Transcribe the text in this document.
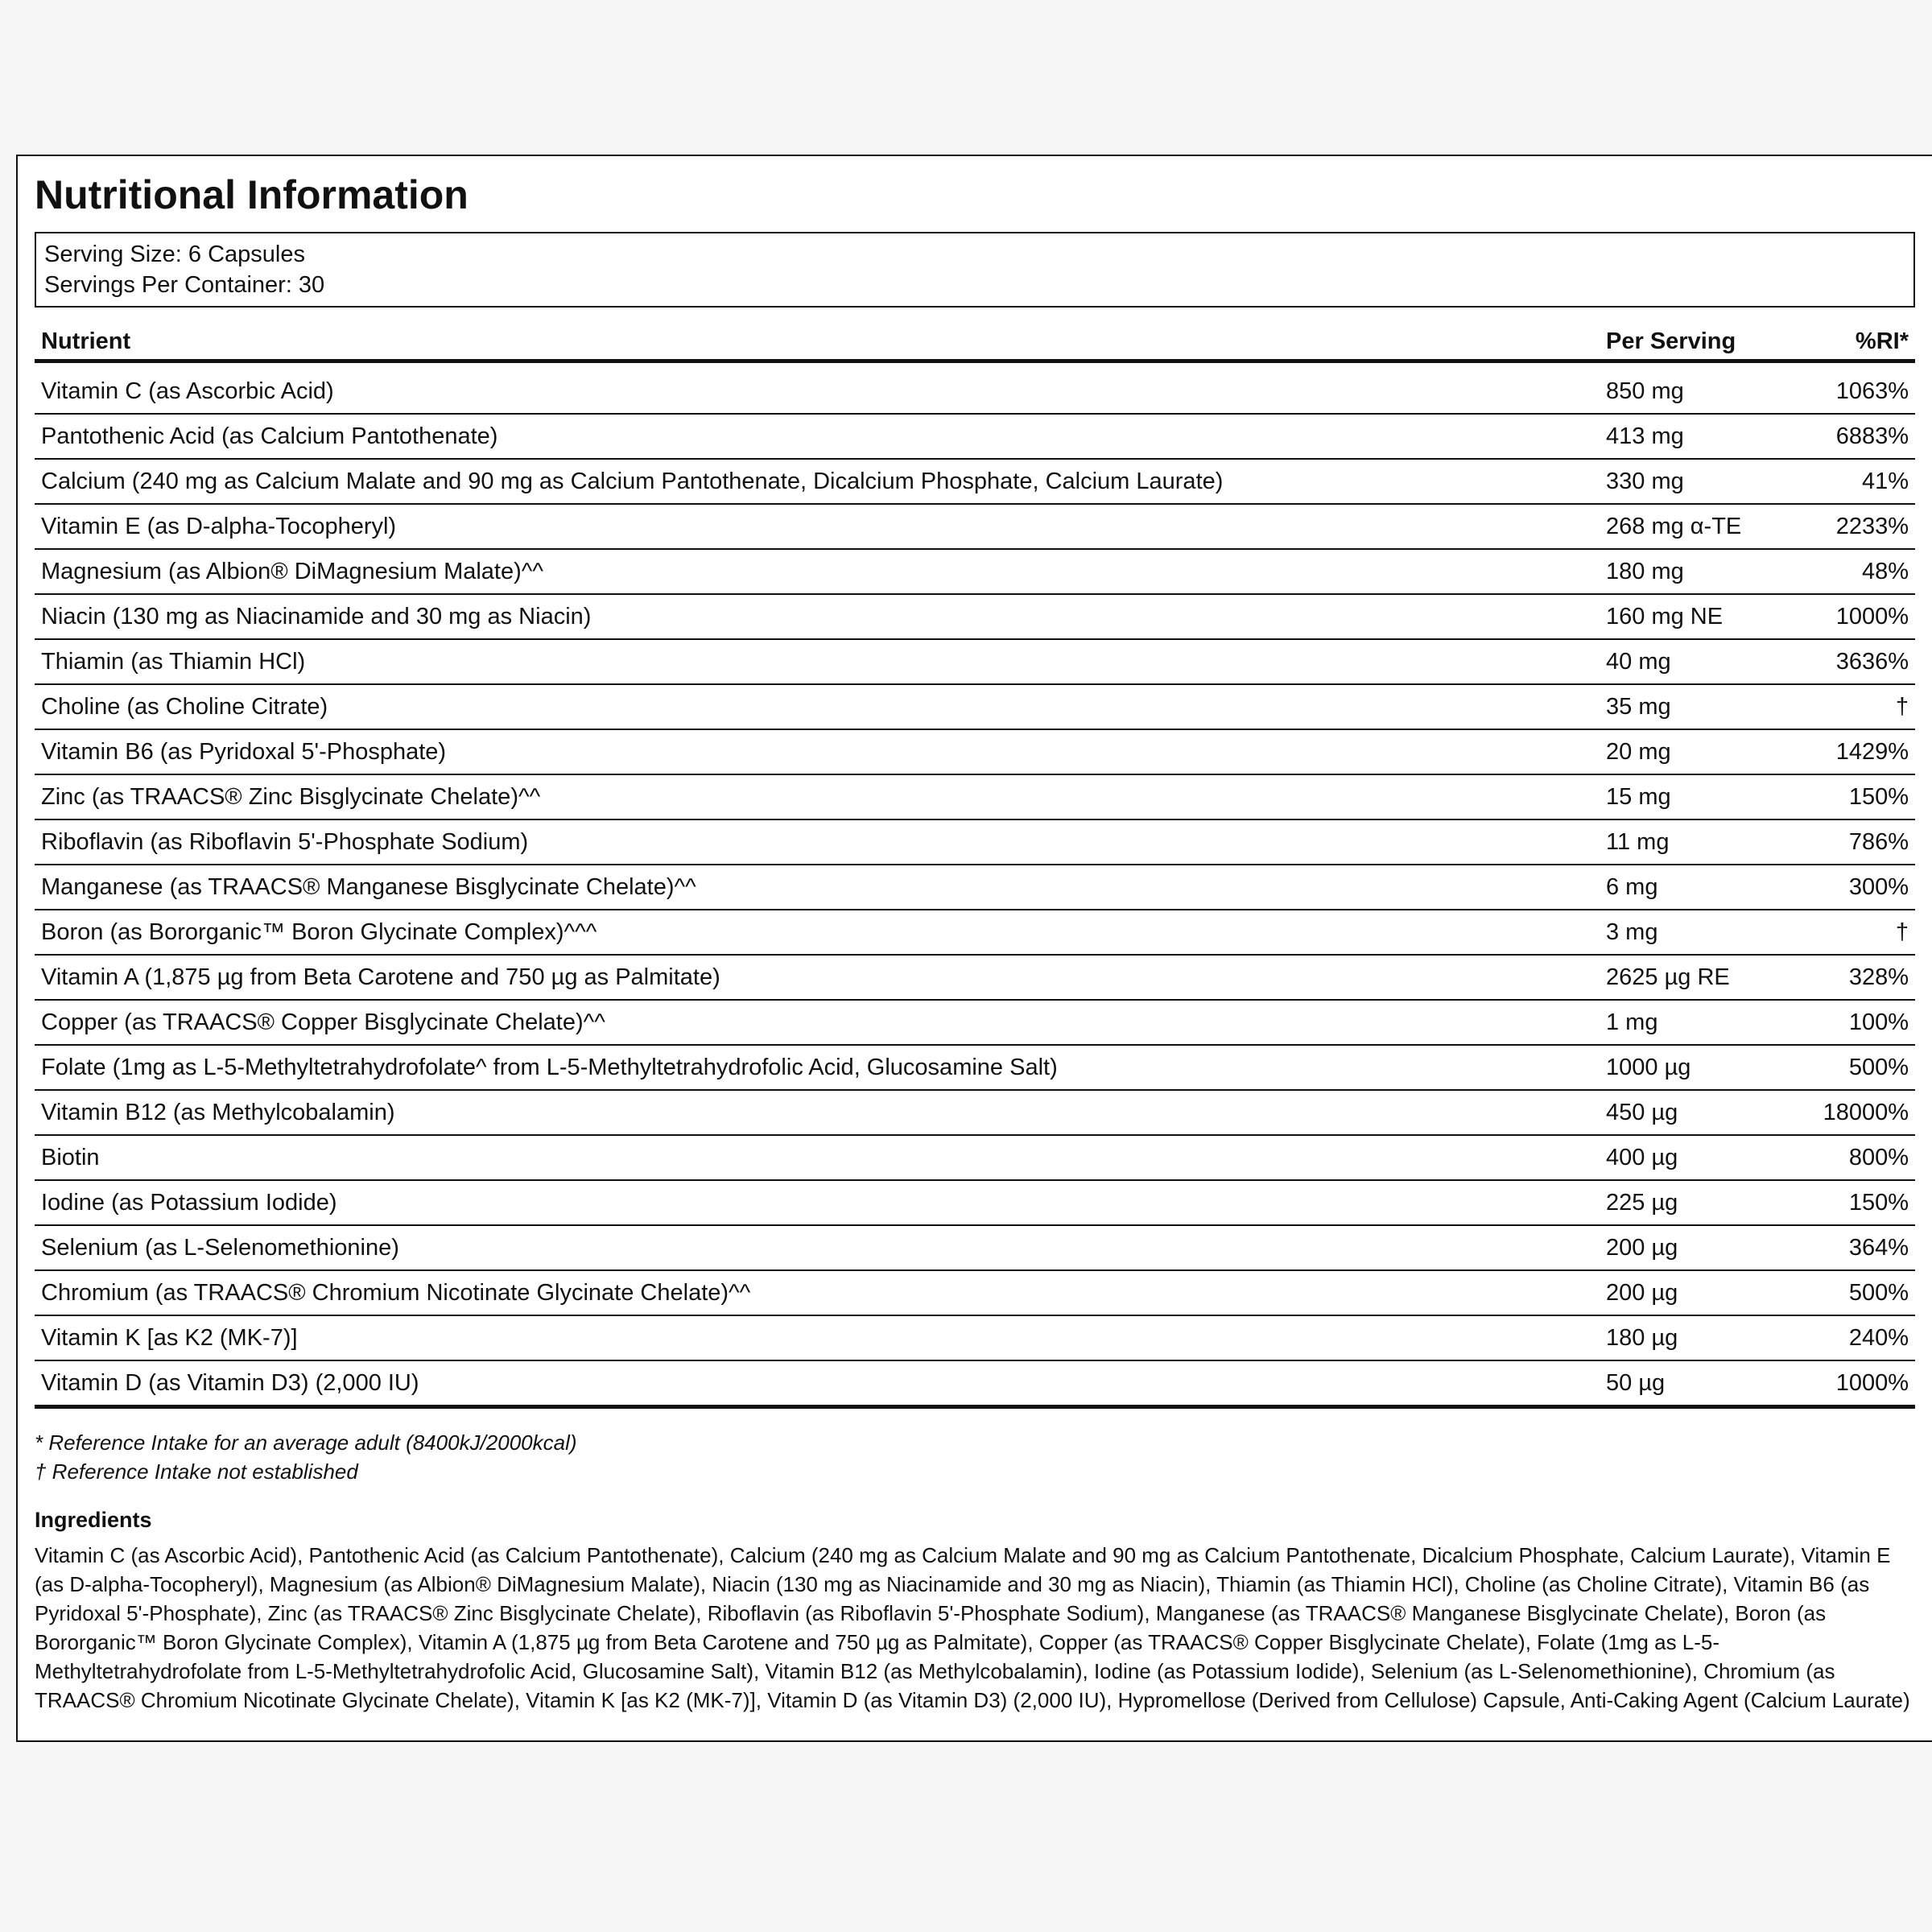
Nutritional Information
Serving Size: 6 Capsules
Servings Per Container: 30
Nutrient	Per Serving	%RI*
Vitamin C (as Ascorbic Acid)	850 mg	1063%
Pantothenic Acid (as Calcium Pantothenate)	413 mg	6883%
Calcium (240 mg as Calcium Malate and 90 mg as Calcium Pantothenate, Dicalcium Phosphate, Calcium Laurate)	330 mg	41%
Vitamin E (as D-alpha-Tocopheryl)	268 mg α-TE	2233%
Magnesium (as Albion® DiMagnesium Malate)^^	180 mg	48%
Niacin (130 mg as Niacinamide and 30 mg as Niacin)	160 mg NE	1000%
Thiamin (as Thiamin HCl)	40 mg	3636%
Choline (as Choline Citrate)	35 mg	†
Vitamin B6 (as Pyridoxal 5'-Phosphate)	20 mg	1429%
Zinc (as TRAACS® Zinc Bisglycinate Chelate)^^	15 mg	150%
Riboflavin (as Riboflavin 5'-Phosphate Sodium)	11 mg	786%
Manganese (as TRAACS® Manganese Bisglycinate Chelate)^^	6 mg	300%
Boron (as Bororganic™ Boron Glycinate Complex)^^^	3 mg	†
Vitamin A (1,875 µg from Beta Carotene and 750 µg as Palmitate)	2625 µg RE	328%
Copper (as TRAACS® Copper Bisglycinate Chelate)^^	1 mg	100%
Folate (1mg as L-5-Methyltetrahydrofolate^ from L-5-Methyltetrahydrofolic Acid, Glucosamine Salt)	1000 µg	500%
Vitamin B12 (as Methylcobalamin)	450 µg	18000%
Biotin	400 µg	800%
Iodine (as Potassium Iodide)	225 µg	150%
Selenium (as L-Selenomethionine)	200 µg	364%
Chromium (as TRAACS® Chromium Nicotinate Glycinate Chelate)^^	200 µg	500%
Vitamin K [as K2 (MK-7)]	180 µg	240%
Vitamin D (as Vitamin D3) (2,000 IU)	50 µg	1000%
* Reference Intake for an average adult (8400kJ/2000kcal)
† Reference Intake not established
Ingredients
Vitamin C (as Ascorbic Acid), Pantothenic Acid (as Calcium Pantothenate), Calcium (240 mg as Calcium Malate and 90 mg as Calcium Pantothenate, Dicalcium Phosphate, Calcium Laurate), Vitamin E (as D-alpha-Tocopheryl), Magnesium (as Albion® DiMagnesium Malate), Niacin (130 mg as Niacinamide and 30 mg as Niacin), Thiamin (as Thiamin HCl), Choline (as Choline Citrate), Vitamin B6 (as Pyridoxal 5'-Phosphate), Zinc (as TRAACS® Zinc Bisglycinate Chelate), Riboflavin (as Riboflavin 5'-Phosphate Sodium), Manganese (as TRAACS® Manganese Bisglycinate Chelate), Boron (as Bororganic™ Boron Glycinate Complex), Vitamin A (1,875 µg from Beta Carotene and 750 µg as Palmitate), Copper (as TRAACS® Copper Bisglycinate Chelate), Folate (1mg as L-5-Methyltetrahydrofolate from L-5-Methyltetrahydrofolic Acid, Glucosamine Salt), Vitamin B12 (as Methylcobalamin), Iodine (as Potassium Iodide), Selenium (as L-Selenomethionine), Chromium (as TRAACS® Chromium Nicotinate Glycinate Chelate), Vitamin K [as K2 (MK-7)], Vitamin D (as Vitamin D3) (2,000 IU), Hypromellose (Derived from Cellulose) Capsule, Anti-Caking Agent (Calcium Laurate)
